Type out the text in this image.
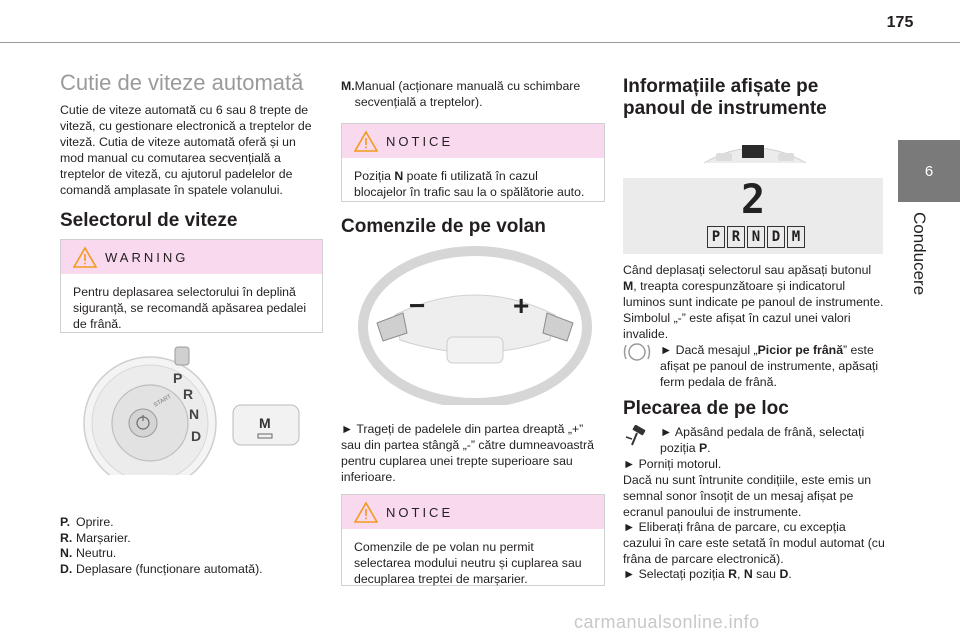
175
6
Conducere
Cutie de viteze automată
Cutie de viteze automată cu 6 sau 8 trepte de viteză, cu gestionare electronică a treptelor de viteză. Cutia de viteze automată oferă și un mod manual cu comutarea secvențială a treptelor de viteză, cu ajutorul padelelor de comandă amplasate în spatele volanului.
Selectorul de viteze
WARNING
Pentru deplasarea selectorului în deplină siguranță, se recomandă apăsarea pedalei de frână.
START
P
R
N
D
M
P. Oprire.
R. Marșarier.
N. Neutru.
D. Deplasare (funcționare automată).
M. Manual (acționare manuală cu schimbare secvențială a treptelor).
NOTICE
Poziția N poate fi utilizată în cazul blocajelor în trafic sau la o spălătorie auto.
Comenzile de pe volan
−	+
► Trageți de padelele din partea dreaptă „+” sau din partea stângă „-” către dumneavoastră pentru cuplarea unei trepte superioare sau inferioare.
NOTICE
Comenzile de pe volan nu permit selectarea modului neutru și cuplarea sau decuplarea treptei de marșarier.
Informațiile afișate pe panoul de instrumente
2
P R N D M
Când deplasați selectorul sau apăsați butonul M, treapta corespunzătoare și indicatorul luminos sunt indicate pe panoul de instrumente.
Simbolul „-” este afișat în cazul unei valori invalide.
► Dacă mesajul „Picior pe frână” este afișat pe panoul de instrumente, apăsați ferm pedala de frână.
Plecarea de pe loc
► Apăsând pedala de frână, selectați poziția P.
► Porniți motorul.
Dacă nu sunt întrunite condițiile, este emis un semnal sonor însoțit de un mesaj afișat pe ecranul panoului de instrumente.
► Eliberați frâna de parcare, cu excepția cazului în care este setată în modul automat (cu frâna de parcare electronică).
► Selectați poziția R, N sau D.
carmanualsonline.info
